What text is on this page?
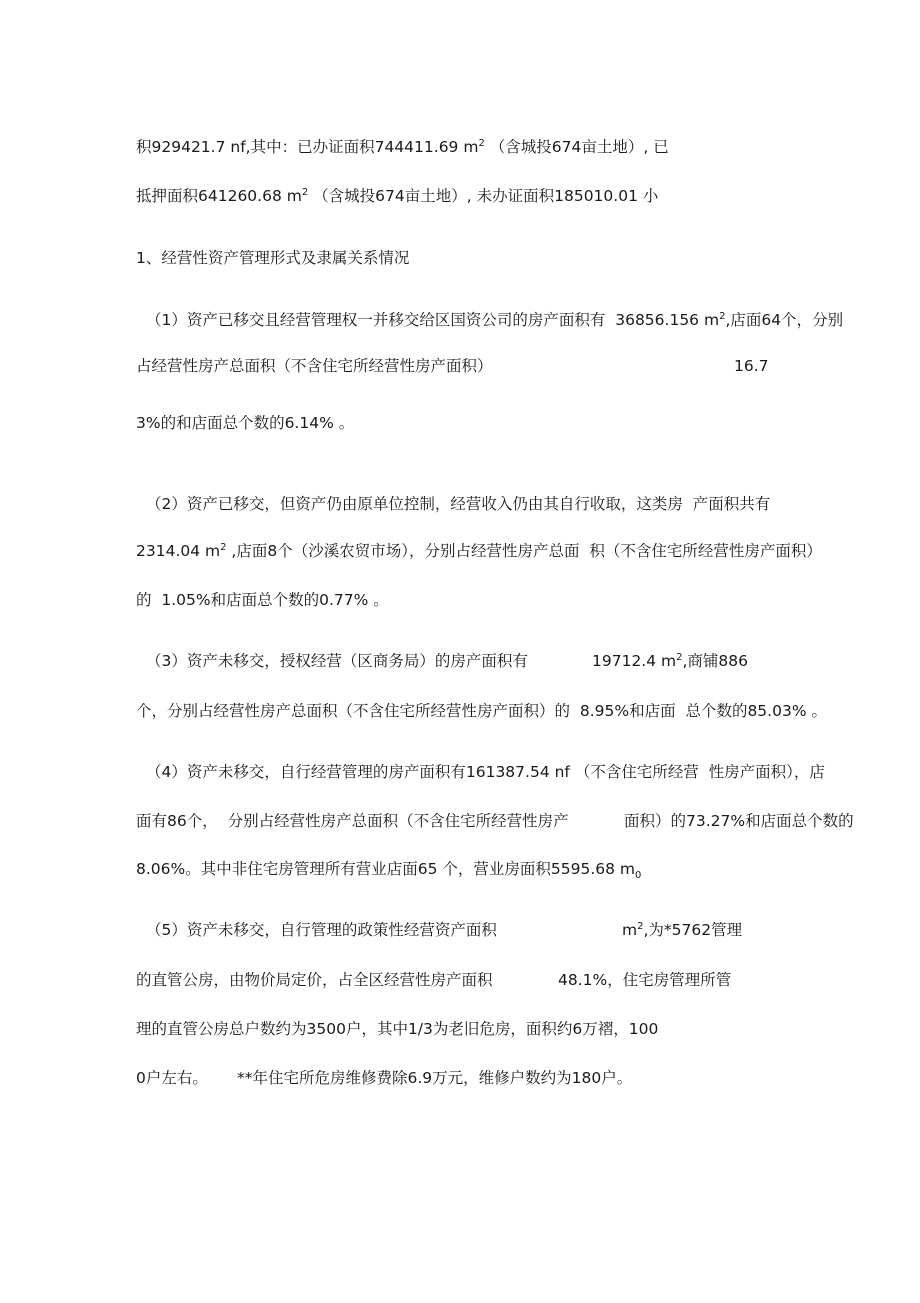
积929421.7 nf,其中：已办证面积744411.69 $m^2$ （含城投674亩土地）, 已
抵押面积641260.68 $m^2$ （含城投674亩土地）, 未办证面积185010.01 小
1、经营性资产管理形式及隶属关系情况
（1）资产已移交且经营管理权一并移交给区国资公司的房产面积有  36856.156 $m^2$,店面64个，分别
占经营性房产总面积（不含住宅所经营性房产面积）	16.7
3%的和店面总个数的6.14% 。
（2）资产已移交，但资产仍由原单位控制，经营收入仍由其自行收取，这类房  产面积共有
2314.04 $m^2$ ,店面8个（沙溪农贸市场），分别占经营性房产总面  积（不含住宅所经营性房产面积）
的  1.05%和店面总个数的0.77% 。
（3）资产未移交，授权经营（区商务局）的房产面积有	19712.4 $m^2$,商铺886
个，分别占经营性房产总面积（不含住宅所经营性房产面积）的  8.95%和店面  总个数的85.03% 。
（4）资产未移交，自行经营管理的房产面积有161387.54 nf （不含住宅所经营  性房产面积），店
面有86个，  分别占经营性房产总面积（不含住宅所经营性房产	面积）的73.27%和店面总个数的
8.06%。其中非住宅房管理所有营业店面65 个，营业房面积5595.68 $m_0$
（5）资产未移交，自行管理的政策性经营资产面积	$m^2$,为*5762管理
的直管公房，由物价局定价，占全区经营性房产面积	48.1%，住宅房管理所管
理的直管公房总户数约为3500户，其中1/3为老旧危房，面积约6万褶，100
0户左右。 **年住宅所危房维修费除6.9万元，维修户数约为180户。
